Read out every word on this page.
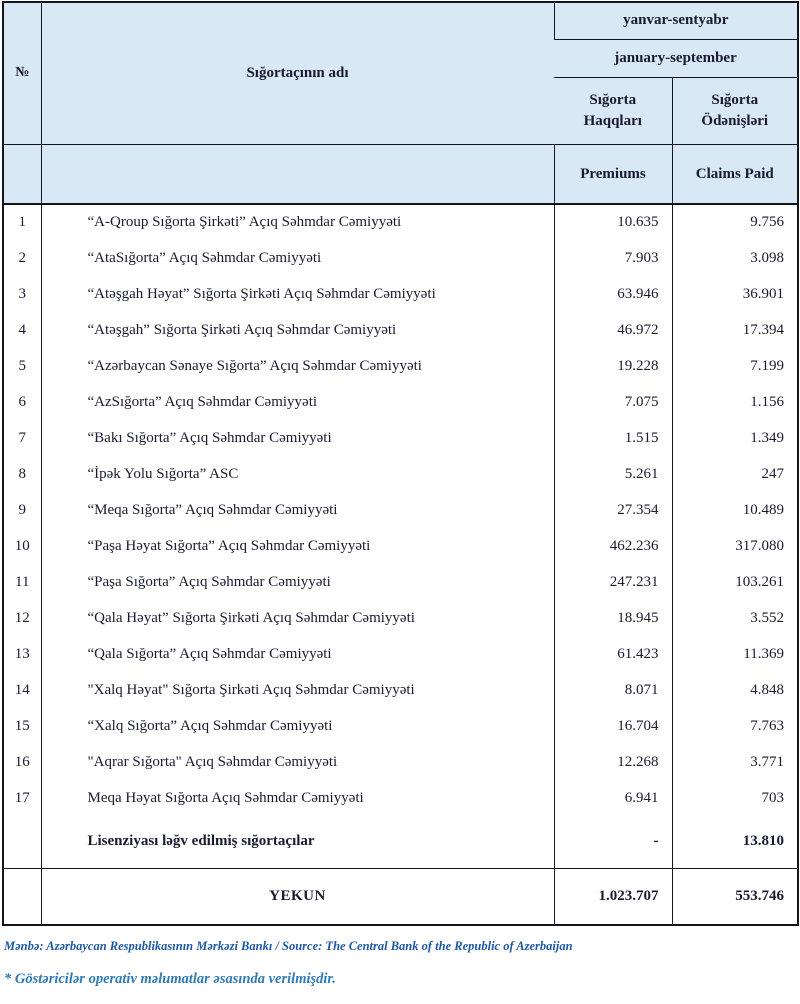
№	Sığortaçının adı	yanvar-sentyabr	
		january-september	
		Sığorta Haqqları	Sığorta Ödənişləri
		Premiums	Claims Paid
1	“A-Qroup Sığorta Şirkəti” Açıq Səhmdar Cəmiyyəti	10.635	9.756
2	“AtaSığorta” Açıq Səhmdar Cəmiyyəti	7.903	3.098
3	“Atəşgah Həyat” Sığorta Şirkəti Açıq Səhmdar Cəmiyyəti	63.946	36.901
4	“Atəşgah” Sığorta Şirkəti Açıq Səhmdar Cəmiyyəti	46.972	17.394
5	“Azərbaycan Sənaye Sığorta” Açıq Səhmdar Cəmiyyəti	19.228	7.199
6	“AzSığorta” Açıq Səhmdar Cəmiyyəti	7.075	1.156
7	“Bakı Sığorta” Açıq Səhmdar Cəmiyyəti	1.515	1.349
8	“İpək Yolu Sığorta” ASC	5.261	247
9	“Meqa Sığorta” Açıq Səhmdar Cəmiyyəti	27.354	10.489
10	“Paşa Həyat Sığorta” Açıq Səhmdar Cəmiyyəti	462.236	317.080
11	“Paşa Sığorta” Açıq Səhmdar Cəmiyyəti	247.231	103.261
12	“Qala Həyat” Sığorta Şirkəti Açıq Səhmdar Cəmiyyəti	18.945	3.552
13	“Qala Sığorta” Açıq Səhmdar Cəmiyyəti	61.423	11.369
14	"Xalq Həyat" Sığorta Şirkəti Açıq Səhmdar Cəmiyyəti	8.071	4.848
15	“Xalq Sığorta” Açıq Səhmdar Cəmiyyəti	16.704	7.763
16	"Aqrar Sığorta" Açıq Səhmdar Cəmiyyəti	12.268	3.771
17	Meqa Həyat Sığorta Açıq Səhmdar Cəmiyyəti	6.941	703
	Lisenziyası ləğv edilmiş sığortaçılar	-	13.810
	YEKUN	1.023.707	553.746
Mənbə: Azərbaycan Respublikasının Mərkəzi Bankı / Source: The Central Bank of the Republic of Azerbaijan
* Göstəricilər operativ məlumatlar əsasında verilmişdir.
